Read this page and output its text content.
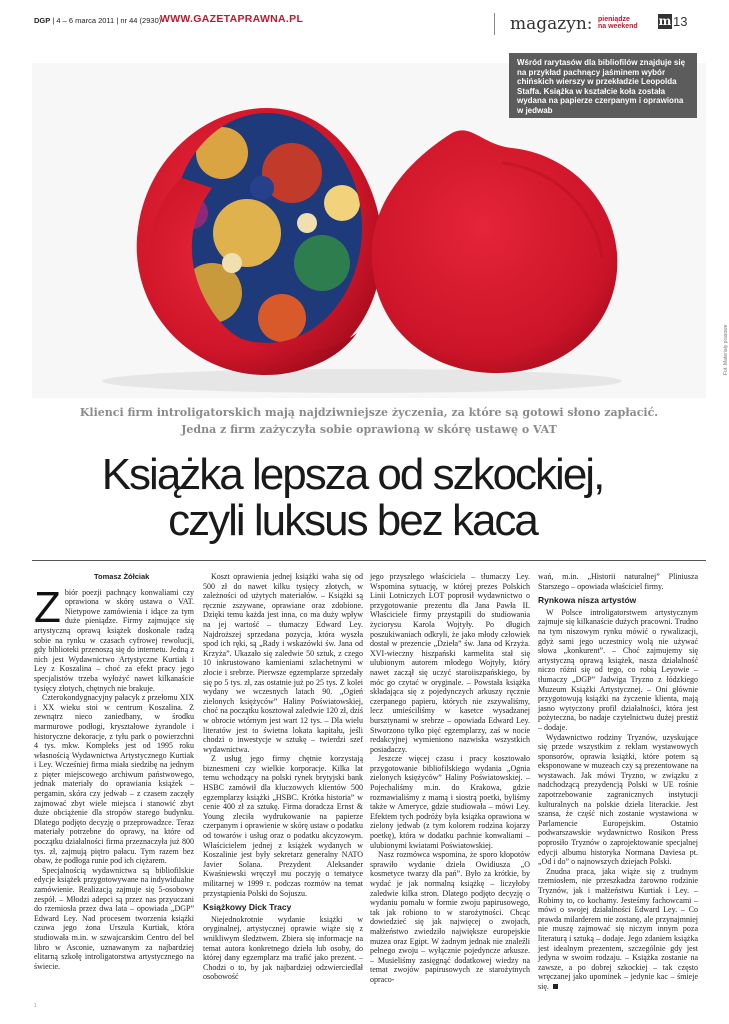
DGP | 4 – 6 marca 2011 | nr 44 (2930)
WWW.GAZETAPRAWNA.PL	magazyn: pieniądze
na weekend m 13
Fot. Materiały prasowe
Wśród rarytasów dla bibliofilów znajduje się na przykład pachnący jaśminem wybór chińskich wierszy w przekładzie Leopolda Staffa. Książka w kształcie koła została wydana na papierze czerpanym i oprawiona w jedwab
Klienci firm introligatorskich mają najdziwniejsze życzenia, za które są gotowi słono zapłacić.
Jedna z firm zażyczyła sobie oprawioną w skórę ustawę o VAT
Książka lepsza od szkockiej,
czyli luksus bez kaca

Tomasz Żółciak

Zbiór poezji pachnący konwaliami czy oprawiona w skórę ustawa o VAT. Nietypowe zamówienia i idące za tym duże pieniądze. Firmy zajmujące się artystyczną oprawą książek doskonale radzą sobie na rynku w czasach cyfrowej rewolucji, gdy biblioteki przenoszą się do internetu. Jedną z nich jest Wydawnictwo Artystyczne Kurtiak i Ley z Koszalina – choć za efekt pracy jego specjalistów trzeba wyłożyć nawet kilkanaście tysięcy złotych, chętnych nie brakuje.

Czterokondygnacyjny pałacyk z przełomu XIX i XX wieku stoi w centrum Koszalina. Z zewnątrz nieco zaniedbany, w środku marmurowe podłogi, kryształowe żyrandole i historyczne dekoracje, z tyłu park o powierzchni 4 tys. mkw. Kompleks jest od 1995 roku własnością Wydawnictwa Artystycznego Kurtiak i Ley. Wcześniej firma miała siedzibę na jednym z pięter miejscowego archiwum państwowego, jednak materiały do oprawiania książek – pergamin, skóra czy jedwab – z czasem zaczęły zajmować zbyt wiele miejsca i stanowić zbyt duże obciążenie dla stropów starego budynku. Dlatego podjęto decyzję o przeprowadzce. Teraz materiały potrzebne do oprawy, na które od początku działalności firma przeznaczyła już 800 tys. zł, zajmują piętro pałacu. Tym razem bez obaw, że podłoga runie pod ich ciężarem.

Specjalnością wydawnictwa są bibliofilskie edycje książek przygotowywane na indywidualne zamówienie. Realizacją zajmuje się 5-osobowy zespół. – Młodzi adepci są przez nas przyuczani do rzemiosła przez dwa lata – opowiada „DGP” Edward Ley. Nad procesem tworzenia książki czuwa jego żona Urszula Kurtiak, która studiowała m.in. w szwajcarskim Centro del bel libro w Asconie, uznawanym za najbardziej elitarną szkołę introligatorstwa artystycznego na świecie.

Koszt oprawienia jednej książki waha się od 500 zł do nawet kilku tysięcy złotych, w zależności od użytych materiałów. – Książki są ręcznie zszywane, oprawiane oraz zdobione. Dzięki temu każda jest inna, co ma duży wpływ na jej wartość – tłumaczy Edward Ley. Najdroższej sprzedana pozycja, która wyszła spod ich ręki, są „Rady i wskazówki św. Jana od Krzyża”. Ukazało się zaledwie 50 sztuk, z czego 10 inkrustowano kamieniami szlachetnymi w złocie i srebrze. Pierwsze egzemplarze sprzedały się po 5 tys. zł, zas ostatnie już po 25 tys. Z kolei wydany we wczesnych latach 90. „Ogień zielonych księżyców” Haliny Poświatowskiej, choć na początku kosztował zaledwie 120 zł, dziś w obrocie wtórnym jest wart 12 tys. – Dla wielu literatów jest to świetna lokata kapitału, jeśli chodzi o inwestycje w sztukę – twierdzi szef wydawnictwa.

Z usług jego firmy chętnie korzystają biznesmeni czy wielkie korporacje. Kilka lat temu wchodzący na polski rynek brytyjski bank HSBC zamówił dla kluczowych klientów 500 egzemplarzy książki „HSBC. Krótka historia” w cenie 400 zł za sztukę. Firma doradcza Ernst & Young zleciła wydrukowanie na papierze czerpanym i oprawienie w skórę ustaw o podatku od towarów i usług oraz o podatku akcyzowym. Właścicielem jednej z książek wydanych w Koszalinie jest były sekretarz generalny NATO Javier Solana. Prezydent Aleksander Kwaśniewski wręczył mu poczyję o tematyce militarnej w 1999 r. podczas rozmów na temat przystąpienia Polski do Sojuszu.

Książkowy Dick Tracy

Niejednokrotnie wydanie książki w oryginalnej, artystycznej oprawie wiąże się z wnikliwym śledztwem. Zbiera się informacje na temat autora konkretnego dzieła lub osoby, do której dany egzemplarz ma trafić jako prezent. – Chodzi o to, by jak najbardziej odzwierciedlał osobowość

jego przyszłego właściciela – tłumaczy Ley. Wspomina sytuację, w której prezes Polskich Linii Lotniczych LOT poprosił wydawnictwo o przygotowanie prezentu dla Jana Pawła II. Właściciele firmy przystąpili do studiowania życiorysu Karola Wojtyły. Po długich poszukiwaniach odkryli, że jako młody człowiek dostał w prezencie „Dzieła” św. Jana od Krzyża. XVI-wieczny hiszpański karmelita stał się ulubionym autorem młodego Wojtyły, który nawet zaczął się uczyć staroiiszpańskiego, by móc go czytać w oryginale. – Powstała książka składająca się z pojedynczych arkuszy ręcznie czerpanego papieru, których nie zszywaliśmy, lecz umieściliśmy w kasetce wysadzanej bursztynami w srebrze – opowiada Edward Ley. Stworzono tylko pięć egzemplarzy, zaś w nocie redakcyjnej wymieniono nazwiska wszystkich posiadaczy.

Jeszcze więcej czasu i pracy kosztowało przygotowanie bibliofilskiego wydania „Ognia zielonych księżyców” Haliny Poświatowskiej. – Pojechaliśmy m.in. do Krakowa, gdzie rozmawialiśmy z mamą i siostrą poetki, byliśmy także w Ameryce, gdzie studiowała – mówi Ley. Efektem tych podróży była książka oprawiona w zielony jedwab (z tym kolorem rodzina kojarzy poetkę), która w dodatku pachnie konwaliami – ulubionymi kwiatami Poświatowskiej.

Nasz rozmówca wspomina, że sporo kłopotów sprawiło wydanie dzieła Owidiusza „O kosmetyce twarzy dla pań”. Było za krótkie, by wydać je jak normalną książkę – liczyłoby zaledwie kilka stron. Dlatego podjęto decyzję o wydaniu pomału w formie zwoju papirusowego, tak jak robiono to w starożytności. Chcąc dowiedzieć się jak najwięcej o zwojach, małżeństwo zwiedziło największe europejskie muzea oraz Egipt. W żadnym jednak nie znaleźli pełnego zwoju – wyłącznie pojedyncze arkusze. – Musieliśmy zasięgnąć dodatkowej wiedzy na temat zwojów papirusowych ze starożytnych opraco-

wań, m.in. „Historii naturalnej” Pliniusza Starszego – opowiada właściciel firmy.

Rynkowa nisza artystów

W Polsce introligatorstwem artystycznym zajmuje się kilkanaście dużych pracowni. Trudno na tym niszowym rynku mówić o rywalizacji, gdyż sami jego uczestnicy wolą nie używać słowa „konkurent”. – Choć zajmujemy się artystyczną oprawą książek, nasza działalność niczo różni się od tego, co robią Leyowie – tłumaczy „DGP” Jadwiga Tryzno z łódzkiego Muzeum Książki Artystycznej. – Oni głównie przygotowują książki na życzenie klienta, mają jasno wytyczony profil działalności, która jest pożyteczna, bo nadaje czytelnictwu dużej prestiż – dodaje.

Wydawnictwo rodziny Tryznów, uzyskujące się przede wszystkim z reklam wystawowych sponsorów, oprawia książki, które potem są eksponowane w muzeach czy są prezentowane na wystawach. Jak mówi Tryzno, w związku z nadchodzącą prezydencją Polski w UE rośnie zapotrzebowanie zagranicznych instytucji kulturalnych na polskie dzieła literackie. Jest szansa, że część nich zostanie wystawiona w Parlamencie Europejskim. Ostatnio podwarszawskie wydawnictwo Rosikon Press poprosiło Tryznów o zaprojektowanie specjalnej edycji albumu historyka Normana Daviesa pt. „Od i do” o najnowszych dziejach Polski.

Znudna praca, jaka wiąże się z trudnym rzemiosłem, nie przeszkadza żarowno rodzinie Tryznów, jak i małżeństwu Kurtiak i Ley. – Robimy to, co kochamy. Jesteśmy fachowcami – mówi o swojej działalności Edward Ley. – Co prawda milarderem nie zostanę, ale przynajmniej nie muszę zajmować się niczym innym poza literaturą i sztuką – dodaje. Jego zdaniem książka jest idealnym prezentem, szczególnie gdy jest jedyna w swoim rodzaju. – Książka zostanie na zawsze, a po dobrej szkockiej – tak często wręczanej jako upominek – jedynie kac – śmieje się.

1
